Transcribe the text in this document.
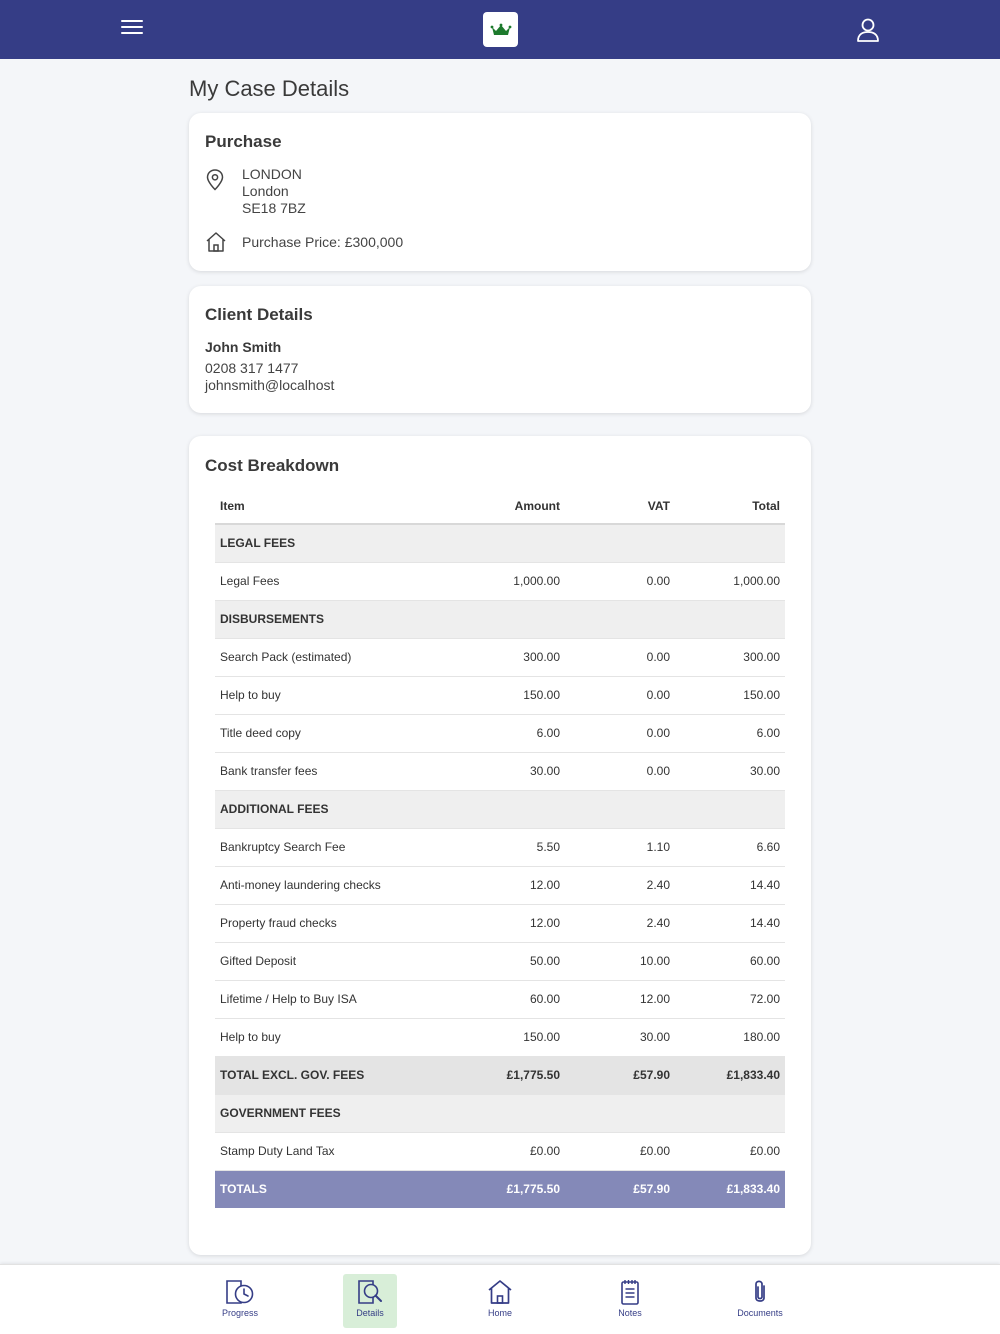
My Case Details
Purchase
LONDON
London
SE18 7BZ
Purchase Price: £300,000
Client Details
John Smith
0208 317 1477
johnsmith@localhost
Cost Breakdown
Item	Amount	VAT	Total
LEGAL FEES			
Legal Fees	1,000.00	0.00	1,000.00
DISBURSEMENTS			
Search Pack (estimated)	300.00	0.00	300.00
Help to buy	150.00	0.00	150.00
Title deed copy	6.00	0.00	6.00
Bank transfer fees	30.00	0.00	30.00
ADDITIONAL FEES			
Bankruptcy Search Fee	5.50	1.10	6.60
Anti-money laundering checks	12.00	2.40	14.40
Property fraud checks	12.00	2.40	14.40
Gifted Deposit	50.00	10.00	60.00
Lifetime / Help to Buy ISA	60.00	12.00	72.00
Help to buy	150.00	30.00	180.00
TOTAL EXCL. GOV. FEES	£1,775.50	£57.90	£1,833.40
GOVERNMENT FEES			
Stamp Duty Land Tax	£0.00	£0.00	£0.00
TOTALS	£1,775.50	£57.90	£1,833.40
Progress	Details	Home	Notes	Documents
